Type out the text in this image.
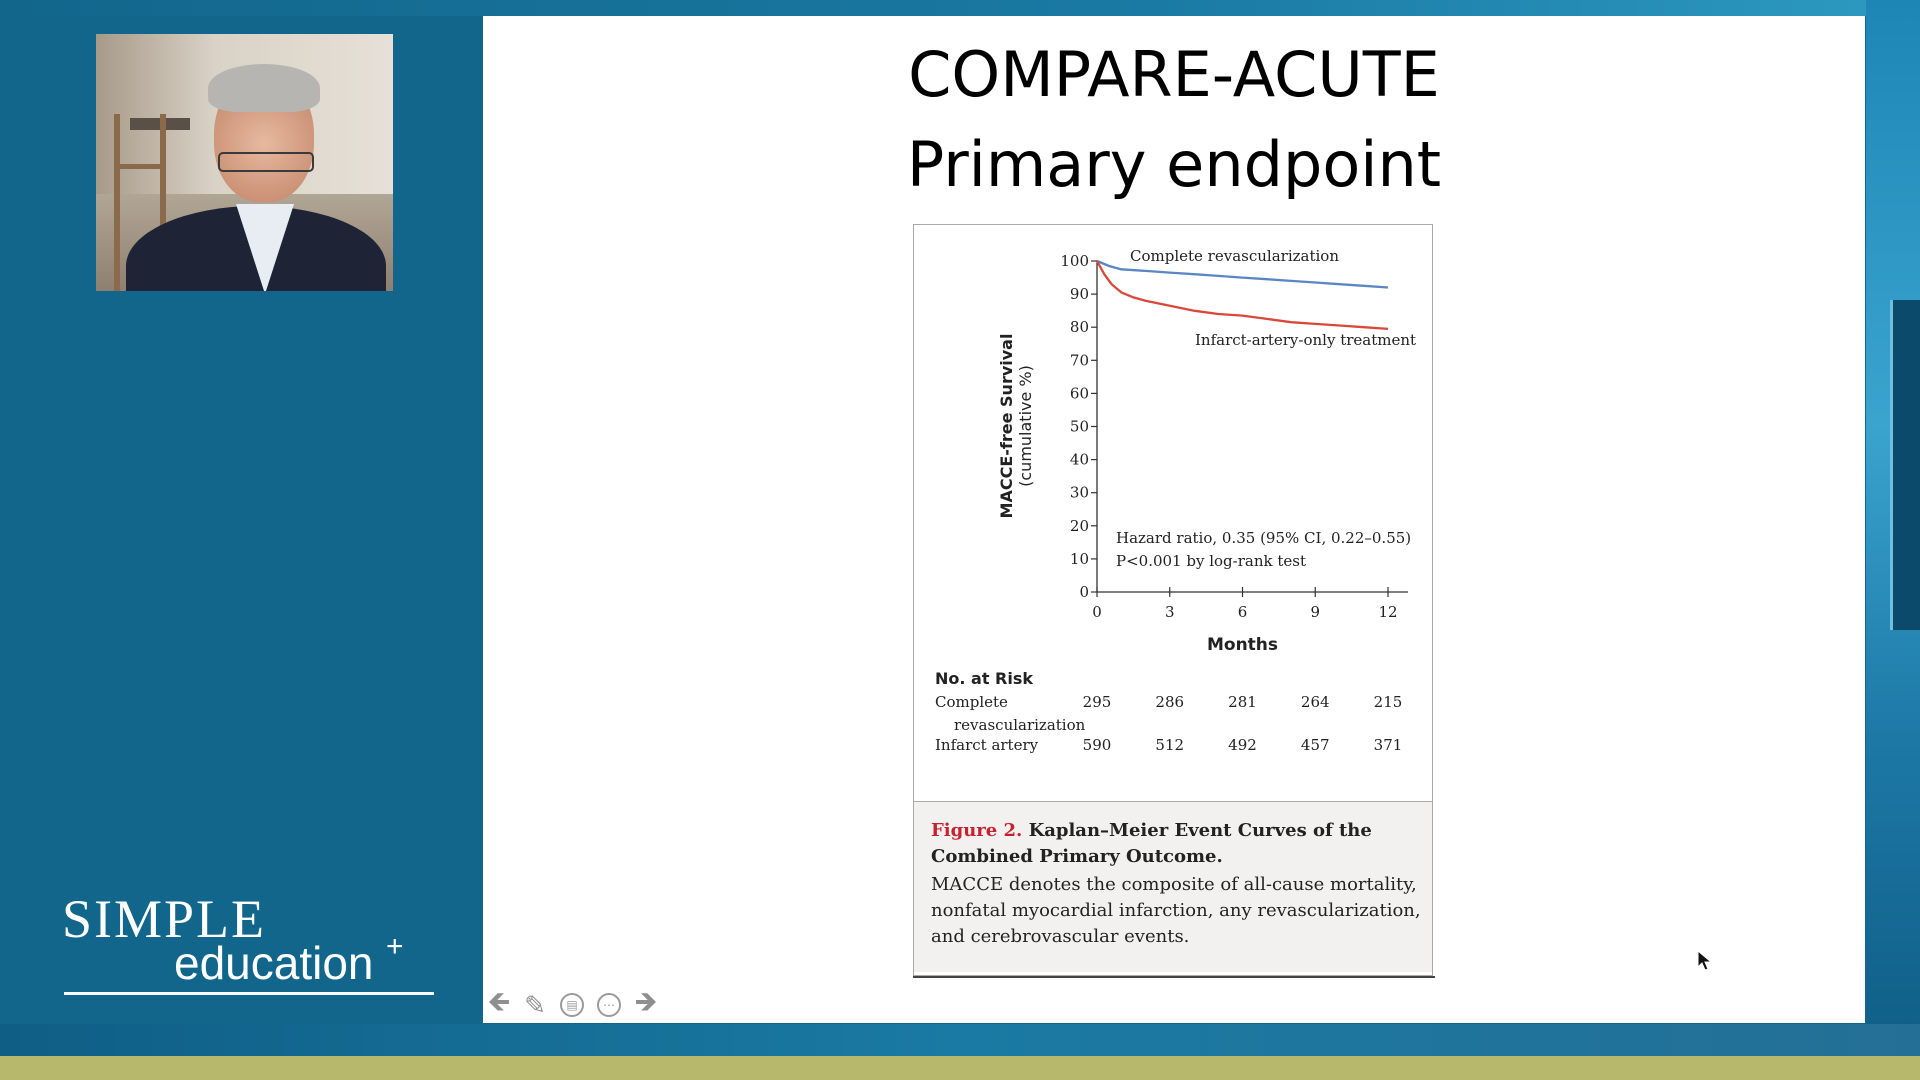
SIMPLE
education +
COMPARE-ACUTE
Primary endpoint
0
10
20
30
40
50
60
70
80
90
100
0	3	6	9	12
Months
MACCE-free Survival (cumulative %)
Complete revascularization
Infarct-artery-only treatment
Hazard ratio, 0.35 (95% CI, 0.22–0.55)
P<0.001 by log-rank test
No. at Risk
Complete
revascularization
295	286	281	264	215
Infarct artery	590	512	492	457	371
Figure 2. Kaplan–Meier Event Curves of the Combined Primary Outcome.
MACCE denotes the composite of all-cause mortality, nonfatal myocardial infarction, any revascularization, and cerebrovascular events.
🡸 ✎	▤	⋯ 🡺
